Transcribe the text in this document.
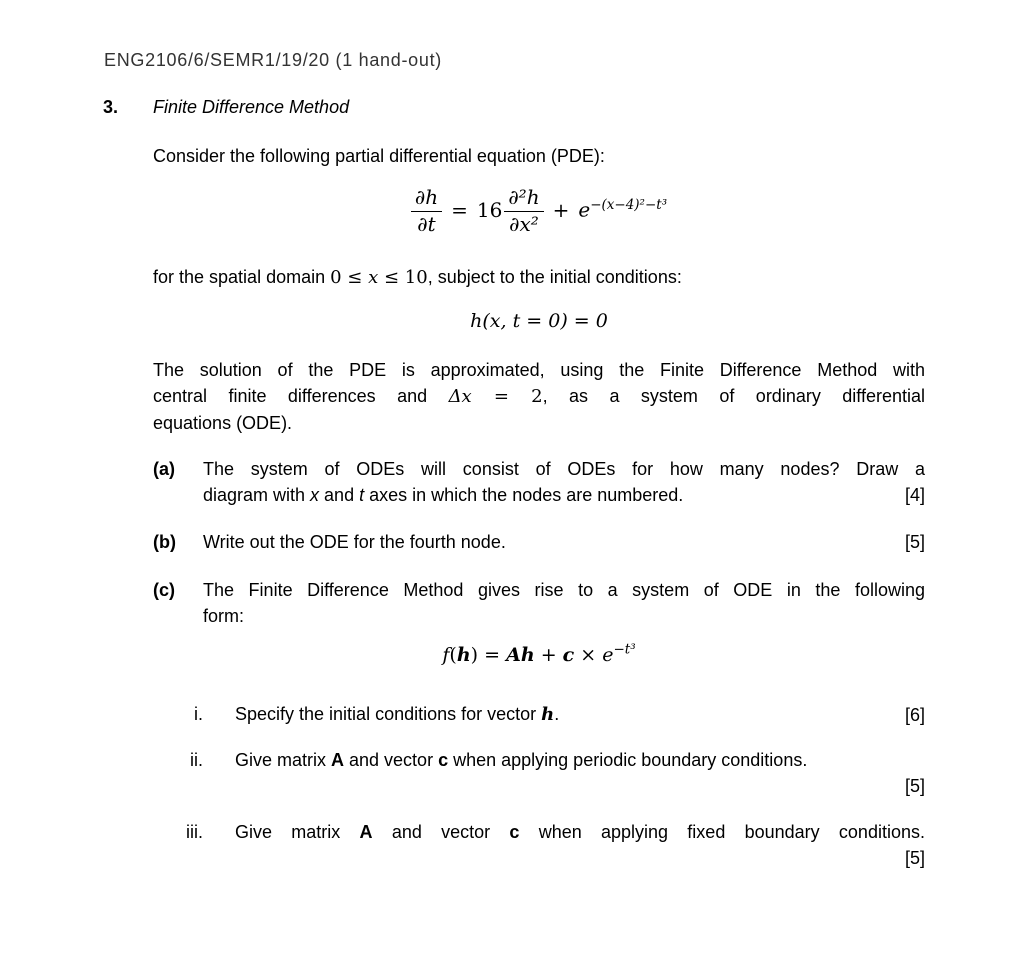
ENG2106/6/SEMR1/19/20 (1 hand-out)
3.	Finite Difference Method

Consider the following partial differential equation (PDE):

$\frac{\partial h}{\partial t} = 16 \frac{\text{∂²h}}{\text{∂x²}} + e^{-(x-4)^2-t^3}$

for the spatial domain 0 ≤ x ≤ 10, subject to the initial conditions:

h(x, t = 0) = 0
The solution of the PDE is approximated, using the Finite Difference Method with
central finite differences and Δx = 2, as a system of ordinary differential
equations (ODE).
(a)	The system of ODEs will consist of ODEs for how many nodes? Draw a
diagram with x and t axes in which the nodes are numbered.	[4]
(b)	Write out the ODE for the fourth node.	[5]
(c)	The Finite Difference Method gives rise to a system of ODE in the following
form:
$f(h) = Ah + c \times e^{-t^3}$
i. Specify the initial conditions for vector h.	[6]
ii. Give matrix A and vector c when applying periodic boundary conditions.
[5]
iii. Give matrix A and vector c when applying fixed boundary conditions.
[5]
